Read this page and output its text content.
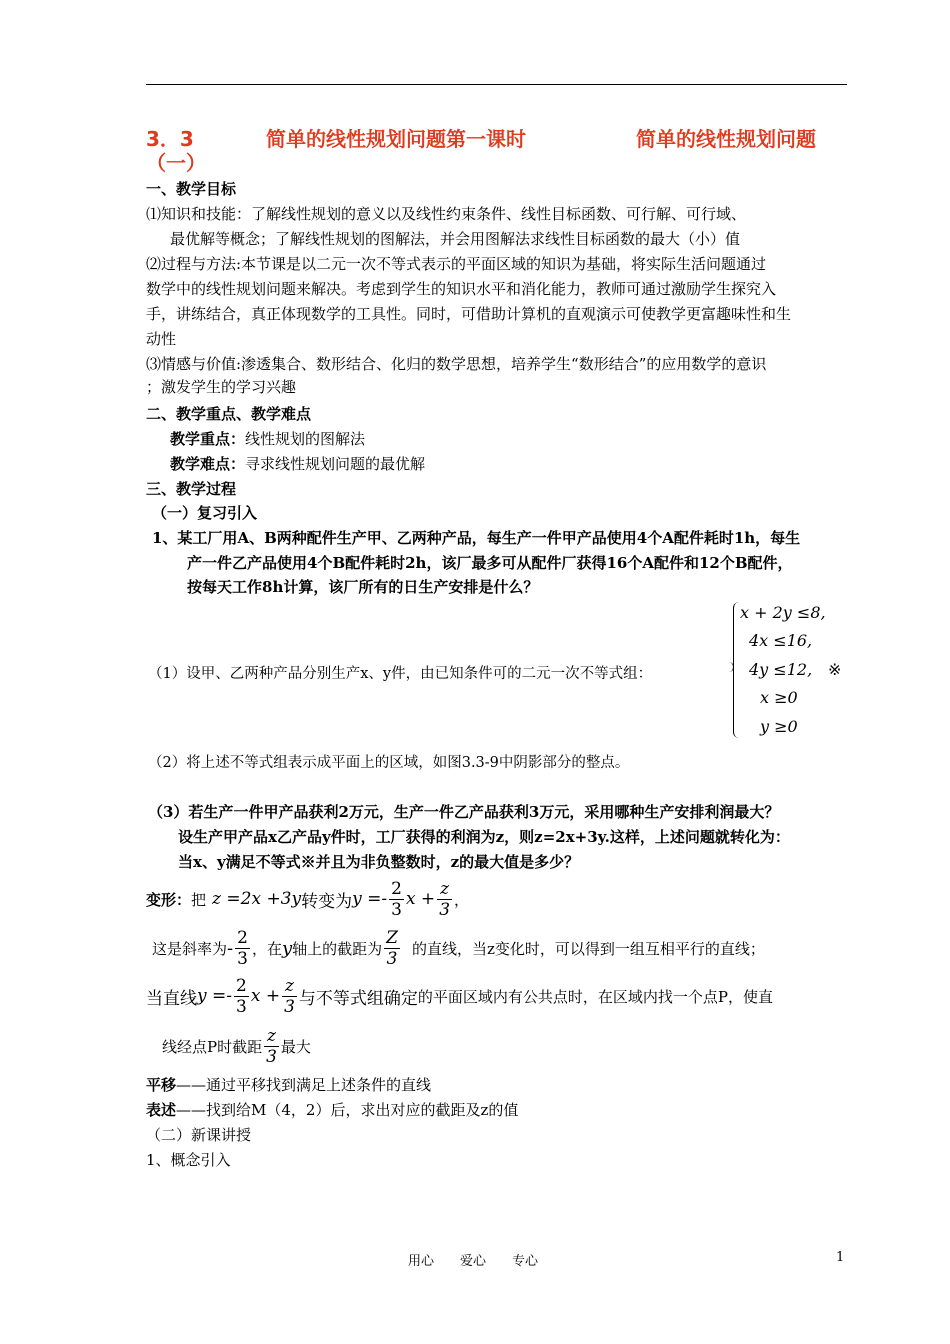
3．3	简单的线性规划问题第一课时	简单的线性规划问题
（一）
一、教学目标
⑴知识和技能：了解线性规划的意义以及线性约束条件、线性目标函数、可行解、可行域、
最优解等概念；了解线性规划的图解法，并会用图解法求线性目标函数的最大（小）值
⑵过程与方法:本节课是以二元一次不等式表示的平面区域的知识为基础，将实际生活问题通过
数学中的线性规划问题来解决。考虑到学生的知识水平和消化能力，教师可通过激励学生探究入
手，讲练结合，真正体现数学的工具性。同时，可借助计算机的直观演示可使教学更富趣味性和生
动性
⑶情感与价值:渗透集合、数形结合、化归的数学思想，培养学生“数形结合”的应用数学的意识
；激发学生的学习兴趣
二、教学重点、教学难点
教学重点：线性规划的图解法
教学难点：寻求线性规划问题的最优解
三、教学过程
（一）复习引入
1、某工厂用A、B两种配件生产甲、乙两种产品，每生产一件甲产品使用4个A配件耗时1h，每生
产一件乙产品使用4个B配件耗时2h，该厂最多可从配件厂获得16个A配件和12个B配件，
按每天工作8h计算，该厂所有的日生产安排是什么？
（1）设甲、乙两种产品分别生产x、y件，由已知条件可的二元一次不等式组：
x + 2y ≤8,
4x ≤16,
4y ≤12,
x ≥0
y ≥0
※
（2）将上述不等式组表示成平面上的区域，如图3.3-9中阴影部分的整点。
（3）若生产一件甲产品获利2万元，生产一件乙产品获利3万元，采用哪种生产安排利润最大？
设生产甲产品x乙产品y件时，工厂获得的利润为z，则z=2x+3y.这样，上述问题就转化为：
当x、y满足不等式※并且为非负整数时，z的最大值是多少？
变形： 把 z =2x +3y 转变为 $y =- \frac{2}{3}$ $x + \frac{z}{3}$ ，
这是斜率为 - $\frac{2}{3}$ ，在 y 轴上的截距为 $\frac{Z}{3}$ 的直线，当z变化时，可以得到一组互相平行的直线；
当直线 $y =- \frac{2}{3}$ $x + \frac{z}{3}$ 与不等式组确定 的平面区域内有公共点时，在区域内找一个点P，使直
线经点P时截距 $\frac{z}{3}$ 最大
平移——通过平移找到满足上述条件的直线
表述——找到给M（4，2）后，求出对应的截距及z的值
（二）新课讲授
1、概念引入
用心　　爱心　　专心	1
